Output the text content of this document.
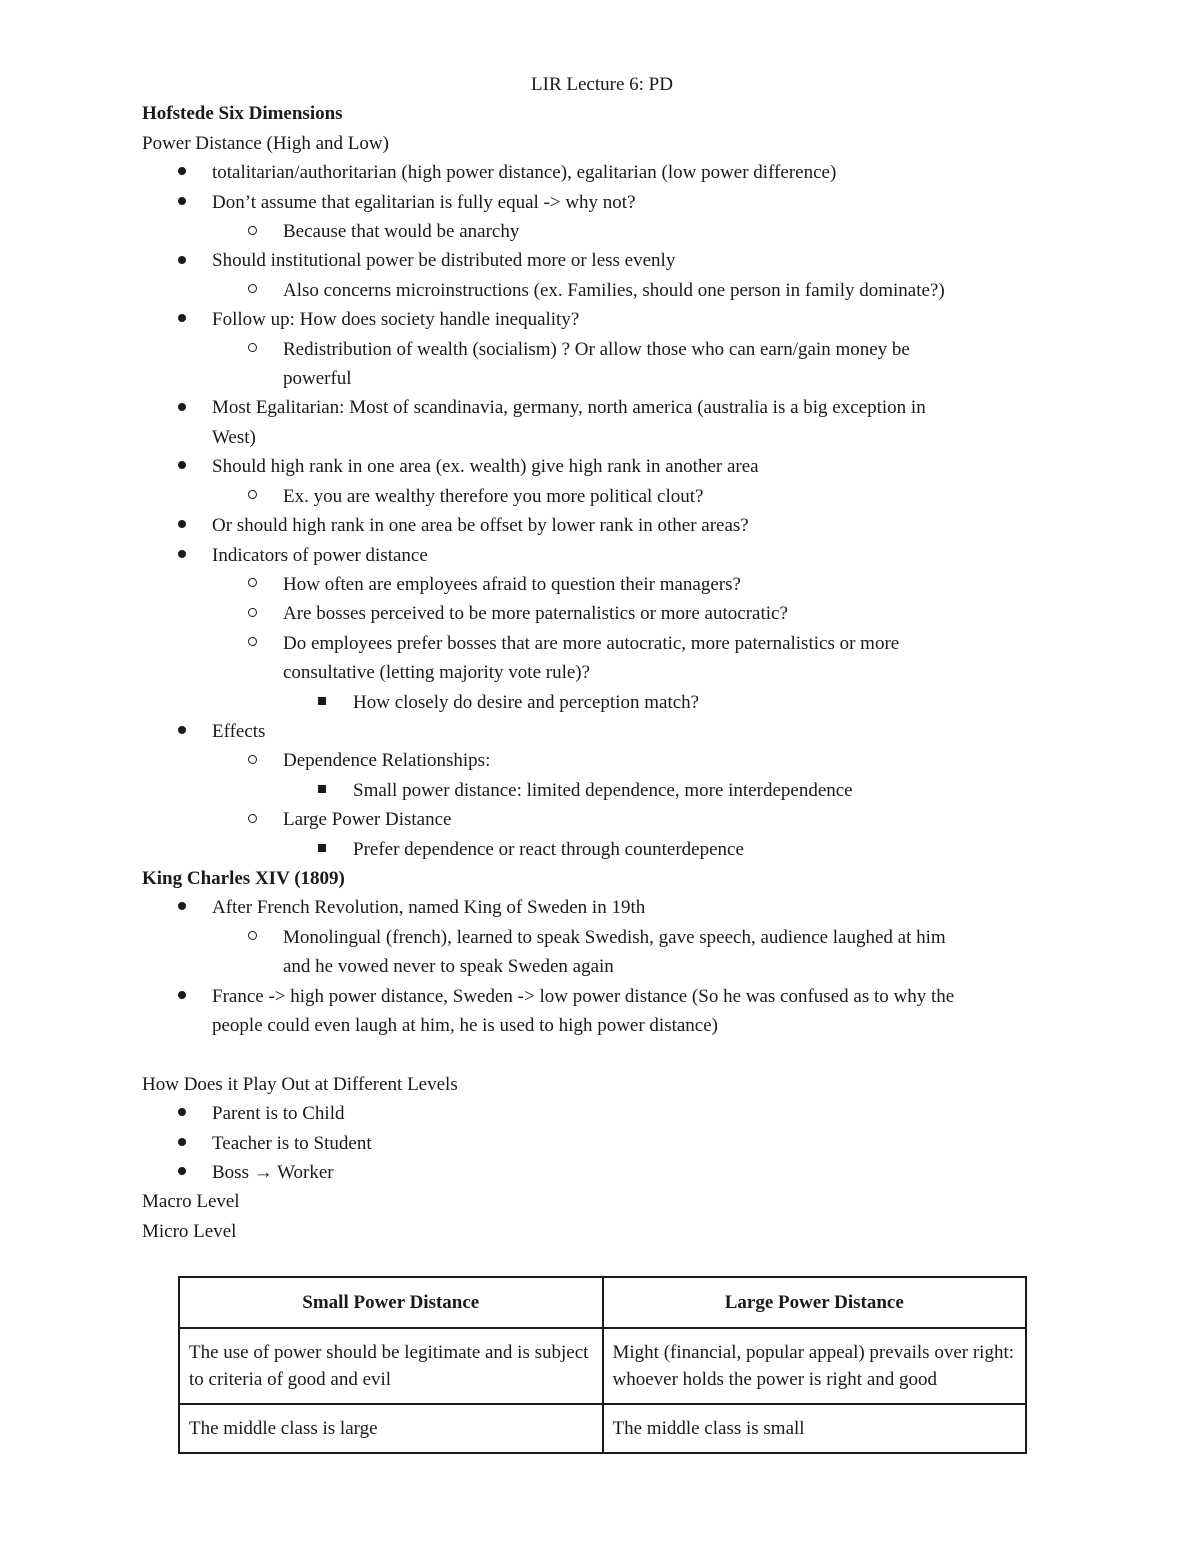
LIR Lecture 6: PD
Hofstede Six Dimensions
Power Distance (High and Low)
totalitarian/authoritarian (high power distance), egalitarian (low power difference)
Don’t assume that egalitarian is fully equal -> why not?
Because that would be anarchy
Should institutional power be distributed more or less evenly
Also concerns microinstructions (ex. Families, should one person in family dominate?)
Follow up: How does society handle inequality?
Redistribution of wealth (socialism) ? Or allow those who can earn/gain money be
powerful
Most Egalitarian: Most of scandinavia, germany, north america (australia is a big exception in
West)
Should high rank in one area (ex. wealth) give high rank in another area
Ex. you are wealthy therefore you more political clout?
Or should high rank in one area be offset by lower rank in other areas?
Indicators of power distance
How often are employees afraid to question their managers?
Are bosses perceived to be more paternalistics or more autocratic?
Do employees prefer bosses that are more autocratic, more paternalistics or more
consultative (letting majority vote rule)?
How closely do desire and perception match?
Effects
Dependence Relationships:
Small power distance: limited dependence, more interdependence
Large Power Distance
Prefer dependence or react through counterdepence
King Charles XIV (1809)
After French Revolution, named King of Sweden in 19th
Monolingual (french), learned to speak Swedish, gave speech, audience laughed at him
and he vowed never to speak Sweden again
France -> high power distance, Sweden -> low power distance (So he was confused as to why the
people could even laugh at him, he is used to high power distance)
How Does it Play Out at Different Levels
Parent is to Child
Teacher is to Student
Boss → Worker
Macro Level
Micro Level
Small Power Distance	Large Power Distance
The use of power should be legitimate and is subject to criteria of good and evil	Might (financial, popular appeal) prevails over right: whoever holds the power is right and good
The middle class is large	The middle class is small
